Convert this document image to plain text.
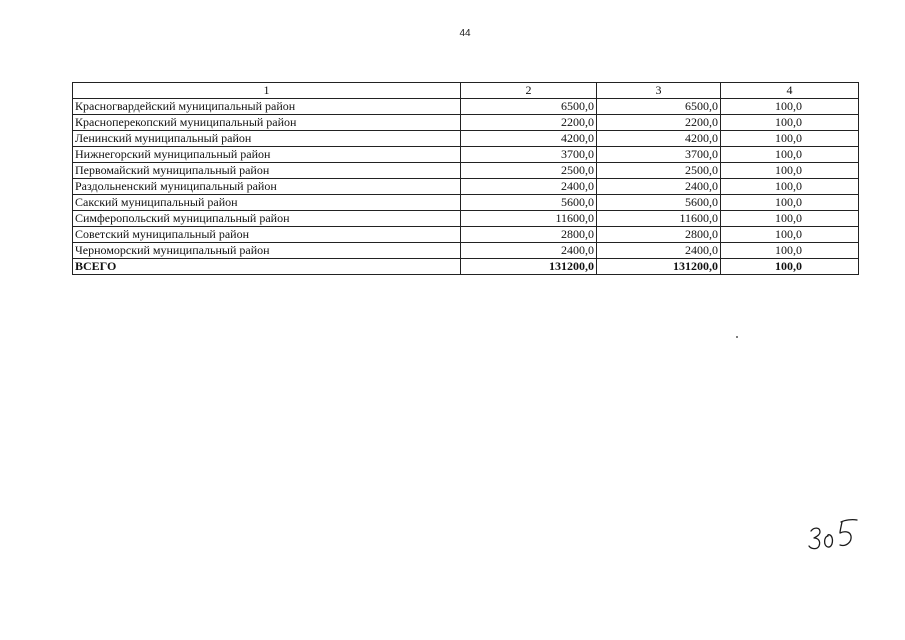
44
1	2	3	4
Красногвардейский муниципальный район	6500,0	6500,0	100,0
Красноперекопский муниципальный район	2200,0	2200,0	100,0
Ленинский муниципальный район	4200,0	4200,0	100,0
Нижнегорский муниципальный район	3700,0	3700,0	100,0
Первомайский муниципальный район	2500,0	2500,0	100,0
Раздольненский муниципальный район	2400,0	2400,0	100,0
Сакский муниципальный район	5600,0	5600,0	100,0
Симферопольский муниципальный район	11600,0	11600,0	100,0
Советский муниципальный район	2800,0	2800,0	100,0
Черноморский муниципальный район	2400,0	2400,0	100,0
ВСЕГО	131200,0	131200,0	100,0
